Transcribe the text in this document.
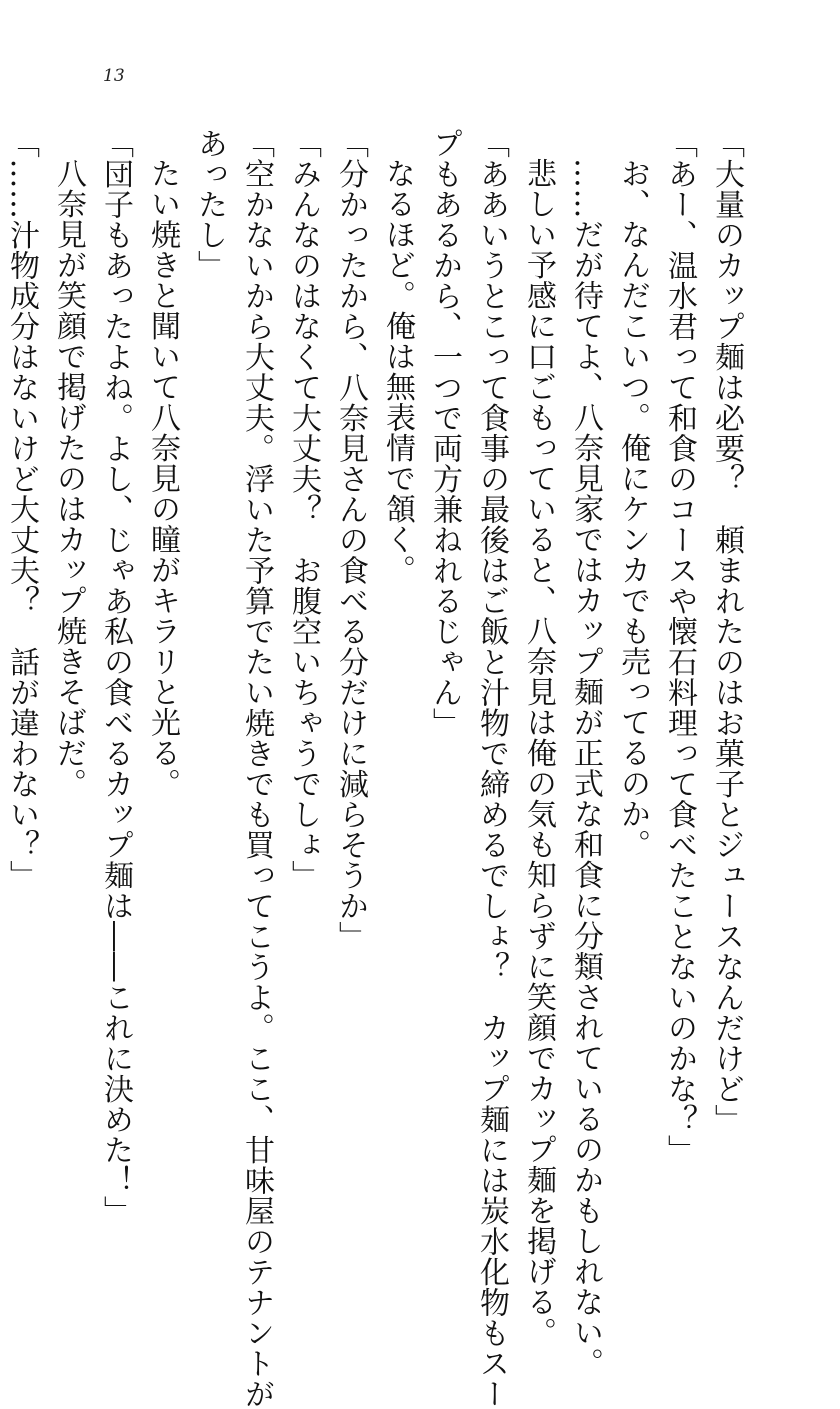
13
「大量のカップ麺は必要？　頼まれたのはお菓子とジュースなんだけど」
「あー、温水君って和食のコースや懐石料理って食べたことないのかな？」
お、なんだこいつ。俺にケンカでも売ってるのか。
……だが待てよ、八奈見家ではカップ麺が正式な和食に分類されているのかもしれない。
悲しい予感に口ごもっていると、八奈見は俺の気も知らずに笑顔でカップ麺を掲げる。
「ああいうとこって食事の最後はご飯と汁物で締めるでしょ？　カップ麺には炭水化物もスー
プもあるから、一つで両方兼ねれるじゃん」
なるほど。俺は無表情で頷く。
「分かったから、八奈見さんの食べる分だけに減らそうか」
「みんなのはなくて大丈夫？　お腹空いちゃうでしょ」
「空かないから大丈夫。浮いた予算でたい焼きでも買ってこうよ。ここ、甘味屋のテナントが
あったし」
たい焼きと聞いて八奈見の瞳がキラリと光る。
「団子もあったよね。よし、じゃあ私の食べるカップ麺は――これに決めた！」
八奈見が笑顔で掲げたのはカップ焼きそばだ。
「……汁物成分はないけど大丈夫？　話が違わない？」
